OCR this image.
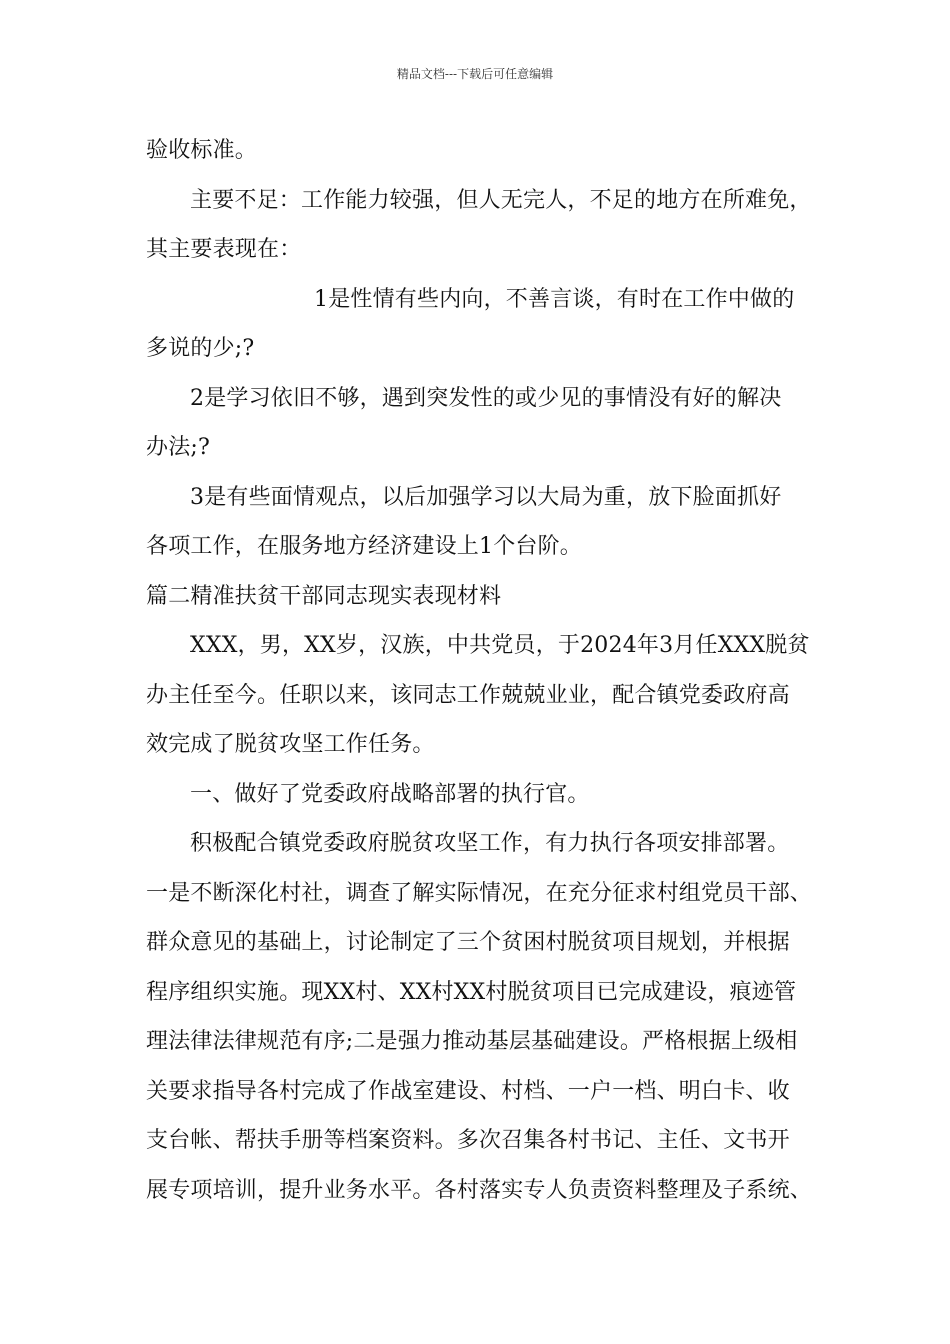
精品文档---下载后可任意编辑
验收标准。
主要不足：工作能力较强，但人无完人，不足的地方在所难免，
其主要表现在：
1是性情有些内向，不善言谈，有时在工作中做的
多说的少;?
2是学习依旧不够，遇到突发性的或少见的事情没有好的解决
办法;?
3是有些面情观点，以后加强学习以大局为重，放下脸面抓好
各项工作，在服务地方经济建设上1个台阶。
篇二精准扶贫干部同志现实表现材料
XXX，男，XX岁，汉族，中共党员，于2024年3月任XXX脱贫
办主任至今。任职以来，该同志工作兢兢业业，配合镇党委政府高
效完成了脱贫攻坚工作任务。
一、做好了党委政府战略部署的执行官。
积极配合镇党委政府脱贫攻坚工作，有力执行各项安排部署。
一是不断深化村社，调查了解实际情况，在充分征求村组党员干部、
群众意见的基础上，讨论制定了三个贫困村脱贫项目规划，并根据
程序组织实施。现XX村、XX村XX村脱贫项目已完成建设，痕迹管
理法律法律规范有序;二是强力推动基层基础建设。严格根据上级相
关要求指导各村完成了作战室建设、村档、一户一档、明白卡、收
支台帐、帮扶手册等档案资料。多次召集各村书记、主任、文书开
展专项培训，提升业务水平。各村落实专人负责资料整理及子系统、
